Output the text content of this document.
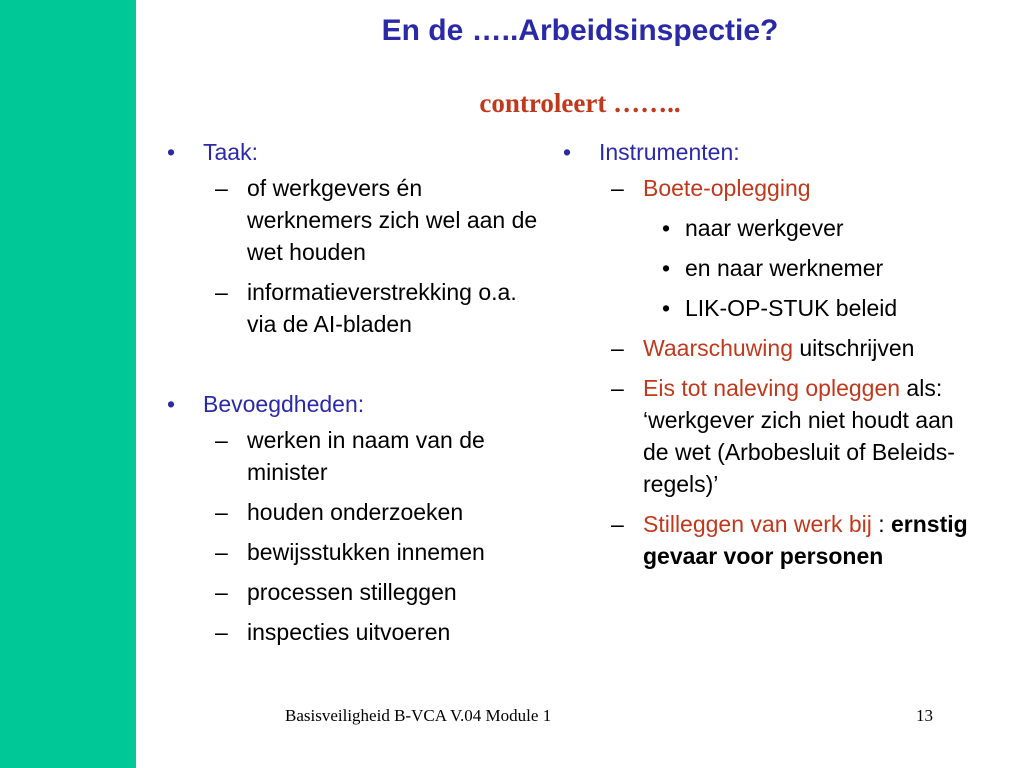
En de …..Arbeidsinspectie?
controleert ……..
• Taak:
– of werkgevers én werknemers zich wel aan de wet houden
– informatieverstrekking o.a. via de AI-bladen
• Bevoegdheden:
– werken in naam van de minister
– houden onderzoeken
– bewijsstukken innemen
– processen stilleggen
– inspecties uitvoeren
• Instrumenten:
– Boete-oplegging
• naar werkgever
• en naar werknemer
• LIK-OP-STUK beleid
– Waarschuwing uitschrijven
– Eis tot naleving opleggen als: ‘werkgever zich niet houdt aan de wet (Arbobesluit of Beleids-regels)’
– Stilleggen van werk bij : ernstig gevaar voor personen
Basisveiligheid B-VCA V.04 Module 1	13
